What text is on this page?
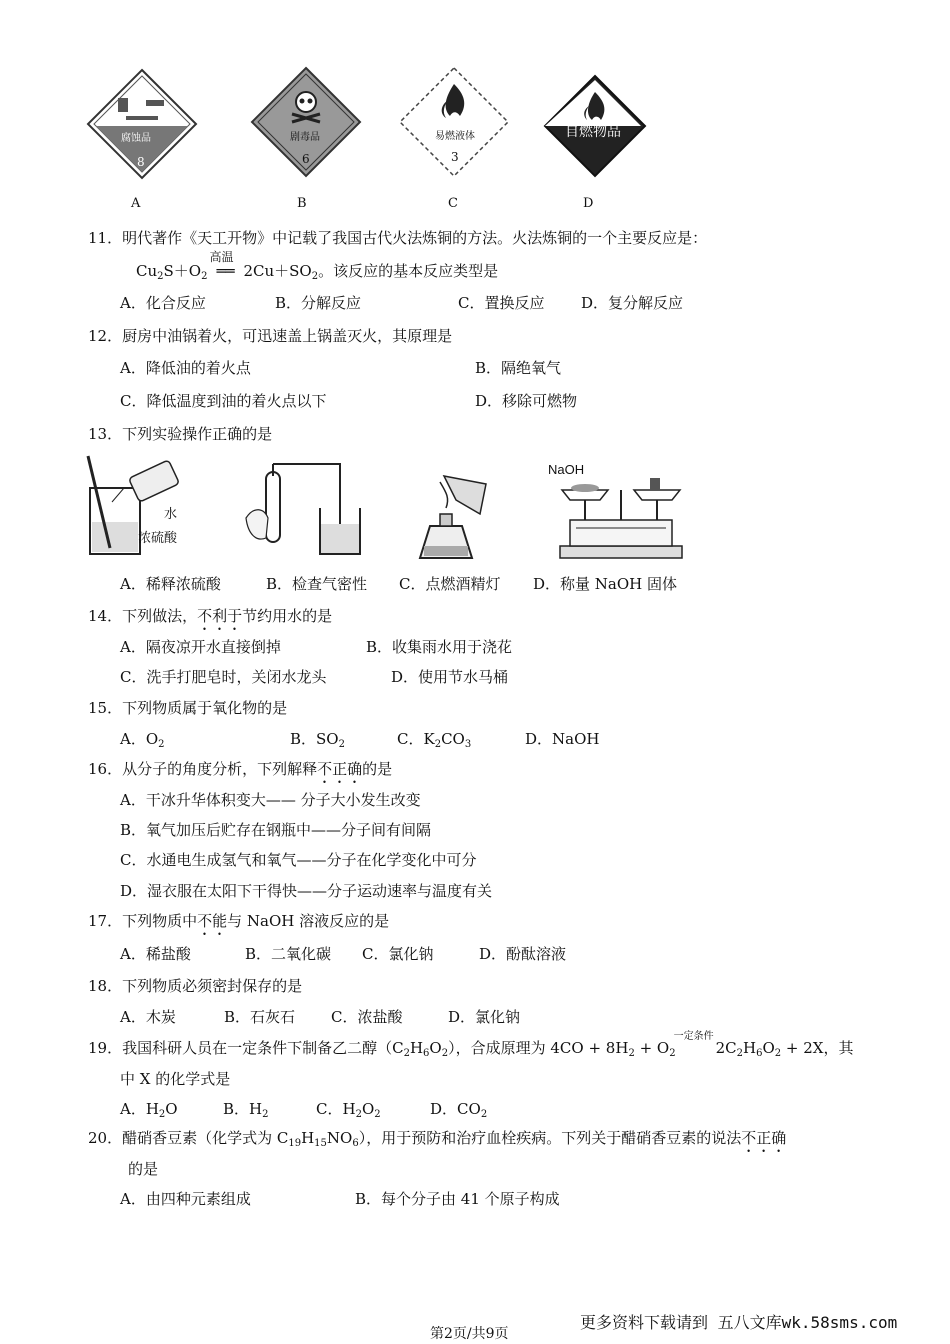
腐蚀品
8
剧毒品
6
易燃液体
3
自燃物品
A	B	C	D
11．明代著作《天工开物》中记载了我国古代火法炼铜的方法。火法炼铜的一个主要反应是：
$Cu_2S+O_2$
高温
══ $2Cu+SO_2$。该反应的基本反应类型是
A．化合反应	B．分解反应	C．置换反应 D．复分解反应
12．厨房中油锅着火，可迅速盖上锅盖灭火，其原理是
A．降低油的着火点	B．隔绝氧气
C．降低温度到油的着火点以下	D．移除可燃物
13．下列实验操作正确的是
水
浓硫酸
NaOH
A．稀释浓硫酸	B．检查气密性 C．点燃酒精灯 D．称量 NaOH 固体
14．下列做法，不利于节约用水的是
A．隔夜凉开水直接倒掉	B．收集雨水用于浇花
C．洗手打肥皂时，关闭水龙头	D．使用节水马桶
15．下列物质属于氧化物的是
A．$O_2$	B．$SO_2$	C．$K_2CO_3$	D．NaOH
16．从分子的角度分析，下列解释不正确的是
A．干冰升华体积变大—— 分子大小发生改变
B．氧气加压后贮存在钢瓶中——分子间有间隔
C．水通电生成氢气和氧气——分子在化学变化中可分
D．湿衣服在太阳下干得快——分子运动速率与温度有关
17．下列物质中不能与 NaOH 溶液反应的是
A．稀盐酸	B．二氧化碳 C．氯化钠	D．酚酞溶液
18．下列物质必须密封保存的是
A．木炭	B．石灰石 C．浓盐酸	D．氯化钠
19．我国科研人员在一定条件下制备乙二醇$(C_2H_6O_2)$，合成原理为 $4CO + 8H_2 + O_2$
一定条件
$2C_2H_6O_2 + 2X$，其
中 X 的化学式是
A．$H_2O$	B．$H_2$	C．$H_2O_2$	D．$CO_2$
20．醋硝香豆素（化学式为 $C_{19}H_{15}NO_6$），用于预防和治疗血栓疾病。下列关于醋硝香豆素的说法不正确
的是
A．由四种元素组成	B．每个分子由 41 个原子构成
第2页/共9页
更多资料下载请到 五八文库wk.58sms.com
